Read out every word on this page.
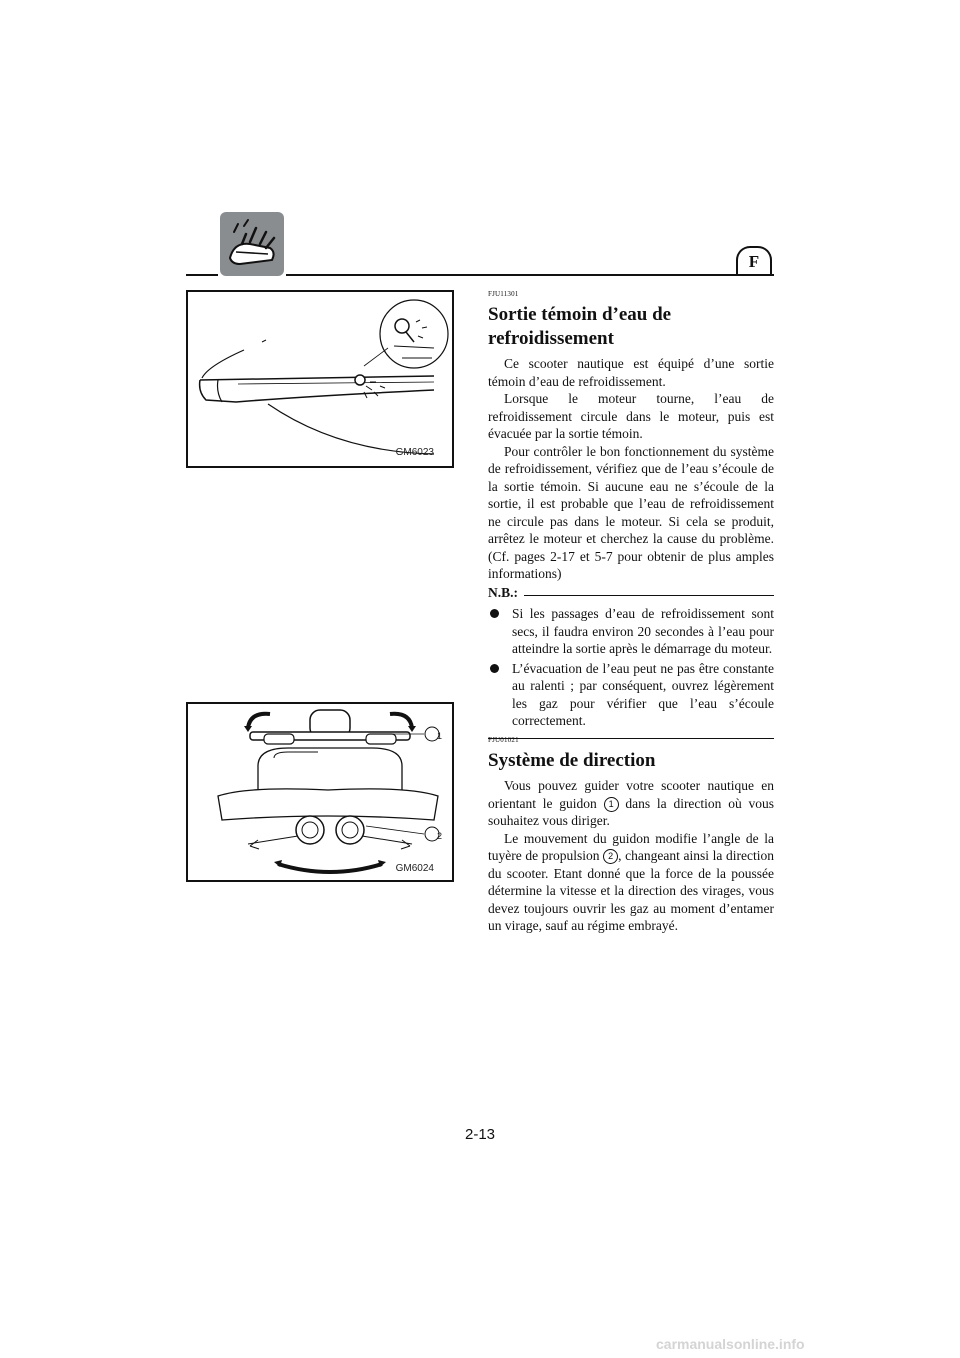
F
GM6023
1
2
GM6024
FJU11301
Sortie témoin d’eau de refroidissement

Ce scooter nautique est équipé d’une sortie témoin d’eau de refroidissement.

Lorsque le moteur tourne, l’eau de refroidissement circule dans le moteur, puis est évacuée par la sortie témoin.

Pour contrôler le bon fonctionnement du système de refroidissement, vérifiez que de l’eau s’écoule de la sortie témoin. Si aucune eau ne s’écoule de la sortie, il est probable que l’eau de refroidissement ne circule pas dans le moteur. Si cela se produit, arrêtez le moteur et cherchez la cause du problème. (Cf. pages 2-17 et 5-7 pour obtenir de plus amples informations)

N.B.:
Si les passages d’eau de refroidissement sont secs, il faudra environ 20 secondes à l’eau pour atteindre la sortie après le démarrage du moteur.
L’évacuation de l’eau peut ne pas être constante au ralenti ; par conséquent, ouvrez légèrement les gaz pour vérifier que l’eau s’écoule correctement.
FJU01021
Système de direction

Vous pouvez guider votre scooter nautique en orientant le guidon 1 dans la direction où vous souhaitez vous diriger.

Le mouvement du guidon modifie l’angle de la tuyère de propulsion 2 , changeant ainsi la direction du scooter. Etant donné que la force de la poussée détermine la vitesse et la direction des virages, vous devez toujours ouvrir les gaz au moment d’entamer un virage, sauf au régime embrayé.

2-13
carmanualsonline.info
